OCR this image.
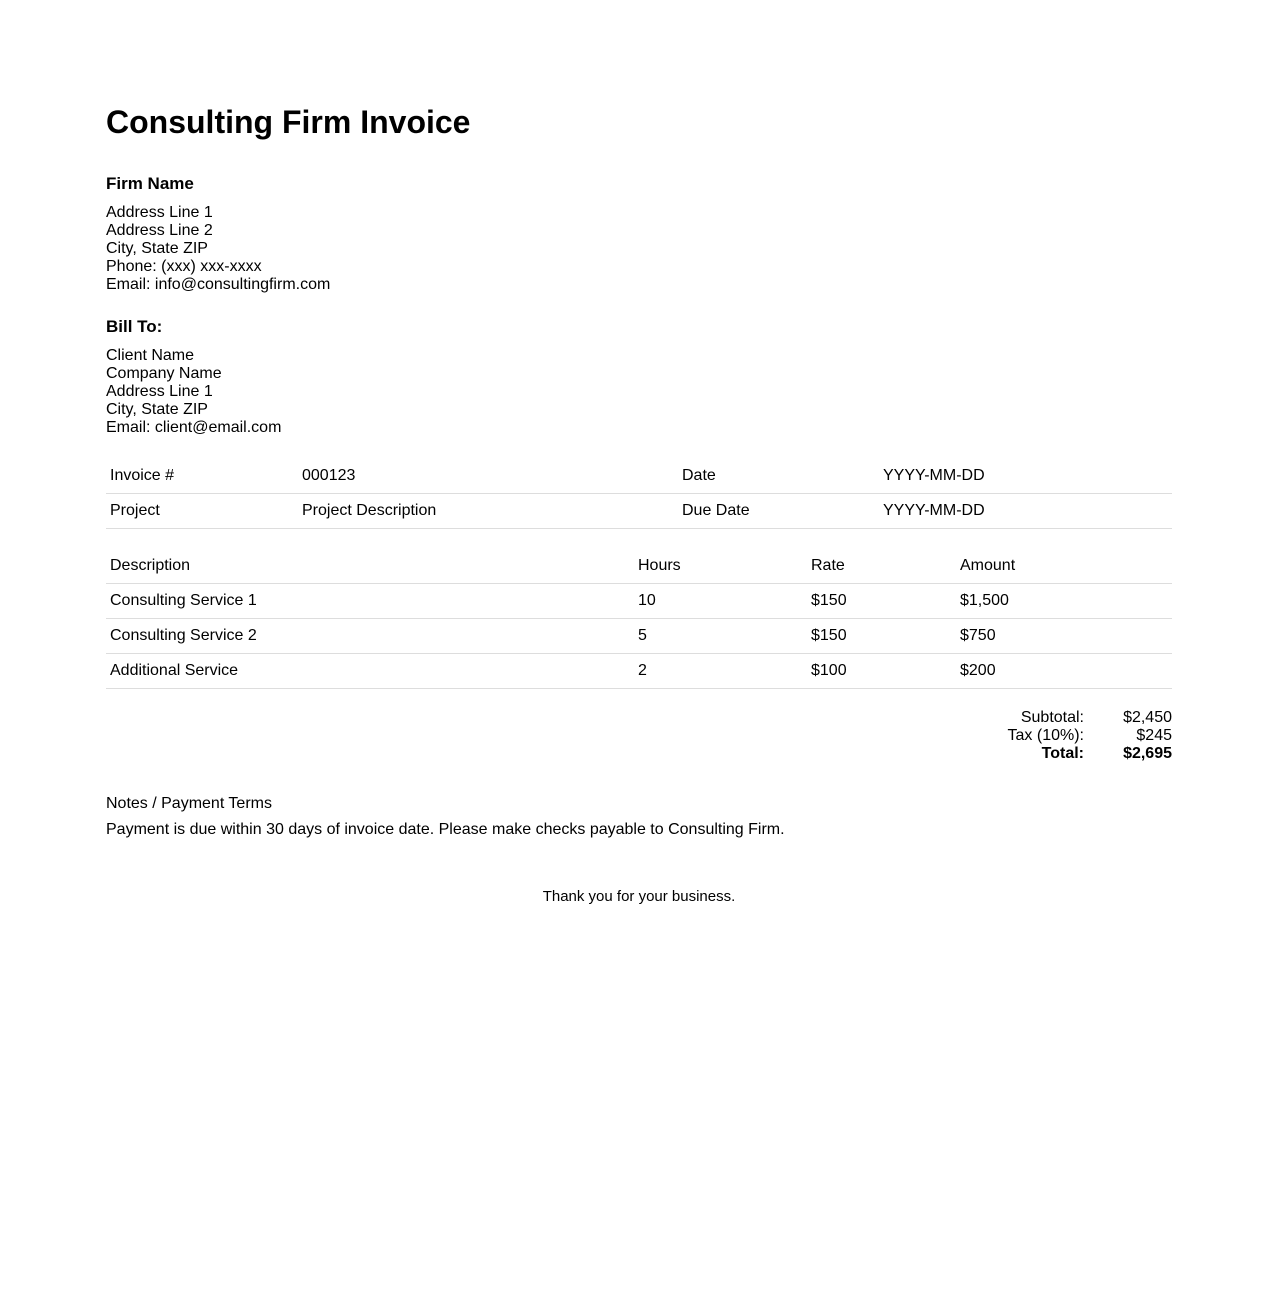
Consulting Firm Invoice
Firm Name
Address Line 1
Address Line 2
City, State ZIP
Phone: (xxx) xxx-xxxx
Email: info@consultingfirm.com
Bill To:
Client Name
Company Name
Address Line 1
City, State ZIP
Email: client@email.com
Invoice #	000123	Date	YYYY-MM-DD
Project	Project Description	Due Date	YYYY-MM-DD
Description	Hours	Rate	Amount
Consulting Service 1	10	$150	$1,500
Consulting Service 2	5	$150	$750
Additional Service	2	$100	$200
Subtotal:	$2,450
Tax (10%):	$245
Total:	$2,695
Notes / Payment Terms
Payment is due within 30 days of invoice date. Please make checks payable to Consulting Firm.
Thank you for your business.
